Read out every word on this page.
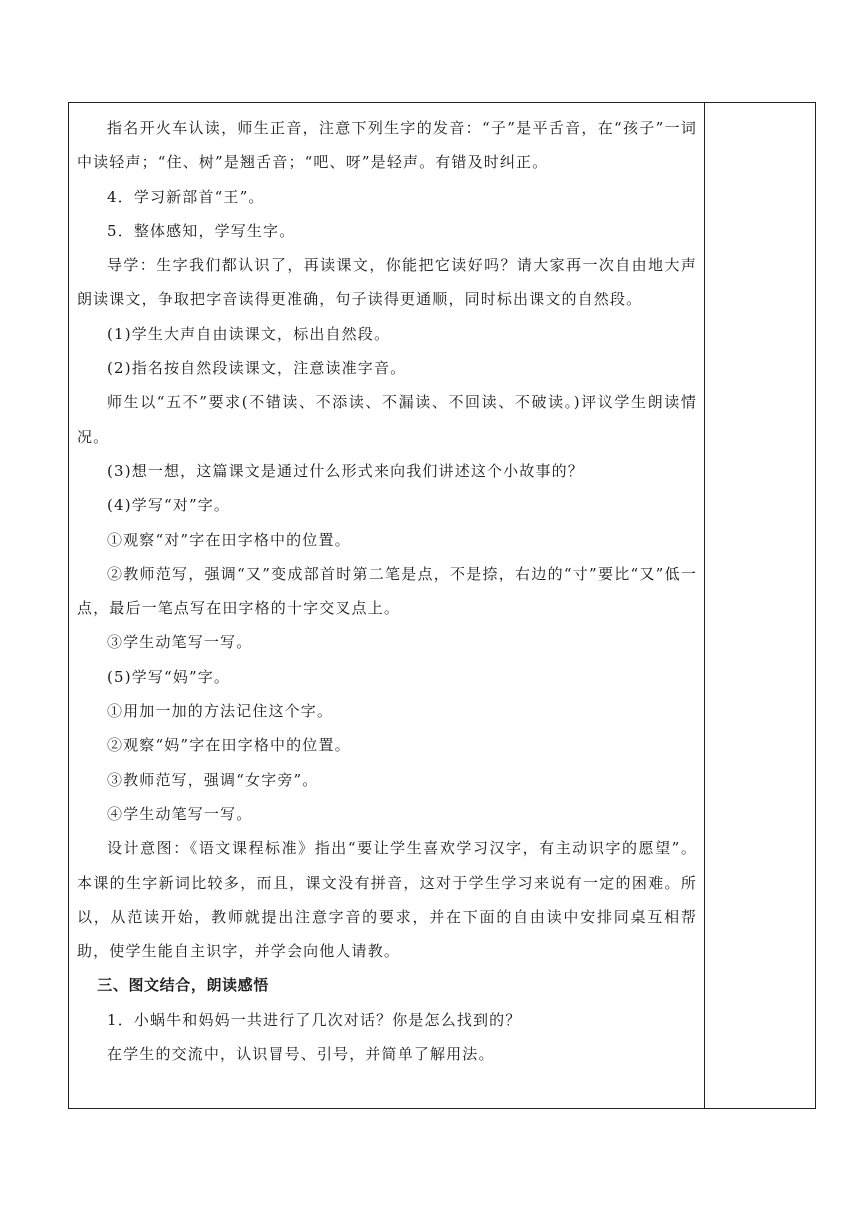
指名开火车认读，师生正音，注意下列生字的发音：“子”是平舌音，在“孩子”一词中读轻声；“住、树”是翘舌音；“吧、呀”是轻声。有错及时纠正。

4．学习新部首“王”。

5．整体感知，学写生字。

导学：生字我们都认识了，再读课文，你能把它读好吗？请大家再一次自由地大声朗读课文，争取把字音读得更准确，句子读得更通顺，同时标出课文的自然段。

(1)学生大声自由读课文，标出自然段。

(2)指名按自然段读课文，注意读准字音。

师生以“五不”要求(不错读、不添读、不漏读、不回读、不破读。)评议学生朗读情况。

(3)想一想，这篇课文是通过什么形式来向我们讲述这个小故事的？

(4)学写“对”字。

①观察“对”字在田字格中的位置。

②教师范写，强调“又”变成部首时第二笔是点，不是捺，右边的“寸”要比“又”低一点，最后一笔点写在田字格的十字交叉点上。

③学生动笔写一写。

(5)学写“妈”字。

①用加一加的方法记住这个字。

②观察“妈”字在田字格中的位置。

③教师范写，强调“女字旁”。

④学生动笔写一写。

设计意图：《语文课程标准》指出“要让学生喜欢学习汉字，有主动识字的愿望”。本课的生字新词比较多，而且，课文没有拼音，这对于学生学习来说有一定的困难。所以，从范读开始，教师就提出注意字音的要求，并在下面的自由读中安排同桌互相帮助，使学生能自主识字，并学会向他人请教。

三、图文结合，朗读感悟

1．小蜗牛和妈妈一共进行了几次对话？你是怎么找到的？

在学生的交流中，认识冒号、引号，并简单了解用法。
